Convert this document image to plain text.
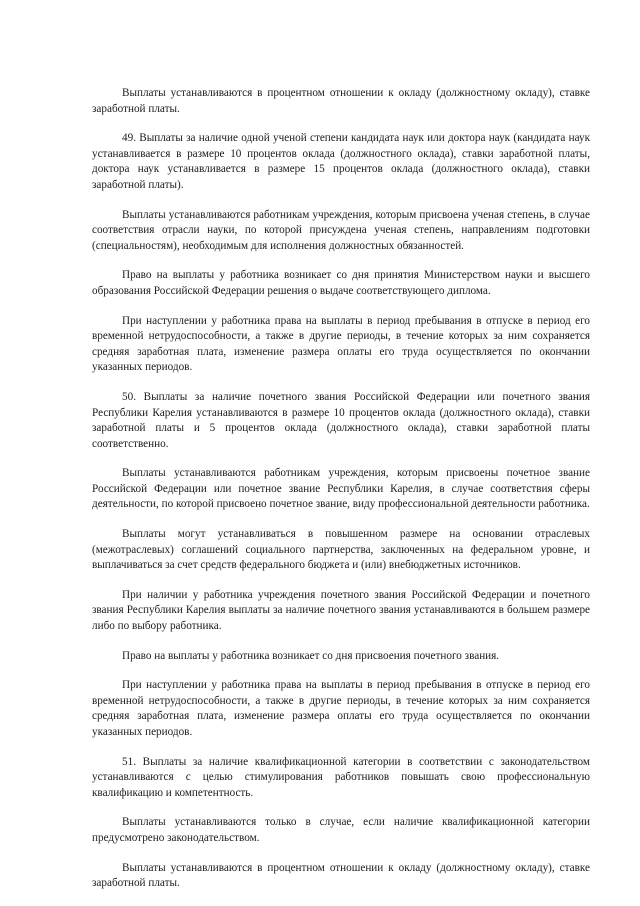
Выплаты устанавливаются в процентном отношении к окладу (должностному окладу), ставке заработной платы.

49. Выплаты за наличие одной ученой степени кандидата наук или доктора наук (кандидата наук устанавливается в размере 10 процентов оклада (должностного оклада), ставки заработной платы, доктора наук устанавливается в размере 15 процентов оклада (должностного оклада), ставки заработной платы).

Выплаты устанавливаются работникам учреждения, которым присвоена ученая степень, в случае соответствия отрасли науки, по которой присуждена ученая степень, направлениям подготовки (специальностям), необходимым для исполнения должностных обязанностей.

Право на выплаты у работника возникает со дня принятия Министерством науки и высшего образования Российской Федерации решения о выдаче соответствующего диплома.

При наступлении у работника права на выплаты в период пребывания в отпуске в период его временной нетрудоспособности, а также в другие периоды, в течение которых за ним сохраняется средняя заработная плата, изменение размера оплаты его труда осуществляется по окончании указанных периодов.

50. Выплаты за наличие почетного звания Российской Федерации или почетного звания Республики Карелия устанавливаются в размере 10 процентов оклада (должностного оклада), ставки заработной платы и 5 процентов оклада (должностного оклада), ставки заработной платы соответственно.

Выплаты устанавливаются работникам учреждения, которым присвоены почетное звание Российской Федерации или почетное звание Республики Карелия, в случае соответствия сферы деятельности, по которой присвоено почетное звание, виду профессиональной деятельности работника.

Выплаты могут устанавливаться в повышенном размере на основании отраслевых (межотраслевых) соглашений социального партнерства, заключенных на федеральном уровне, и выплачиваться за счет средств федерального бюджета и (или) внебюджетных источников.

При наличии у работника учреждения почетного звания Российской Федерации и почетного звания Республики Карелия выплаты за наличие почетного звания устанавливаются в большем размере либо по выбору работника.

Право на выплаты у работника возникает со дня присвоения почетного звания.

При наступлении у работника права на выплаты в период пребывания в отпуске в период его временной нетрудоспособности, а также в другие периоды, в течение которых за ним сохраняется средняя заработная плата, изменение размера оплаты его труда осуществляется по окончании указанных периодов.

51. Выплаты за наличие квалификационной категории в соответствии с законодательством устанавливаются с целью стимулирования работников повышать свою профессиональную квалификацию и компетентность.

Выплаты устанавливаются только в случае, если наличие квалификационной категории предусмотрено законодательством.

Выплаты устанавливаются в процентном отношении к окладу (должностному окладу), ставке заработной платы.
